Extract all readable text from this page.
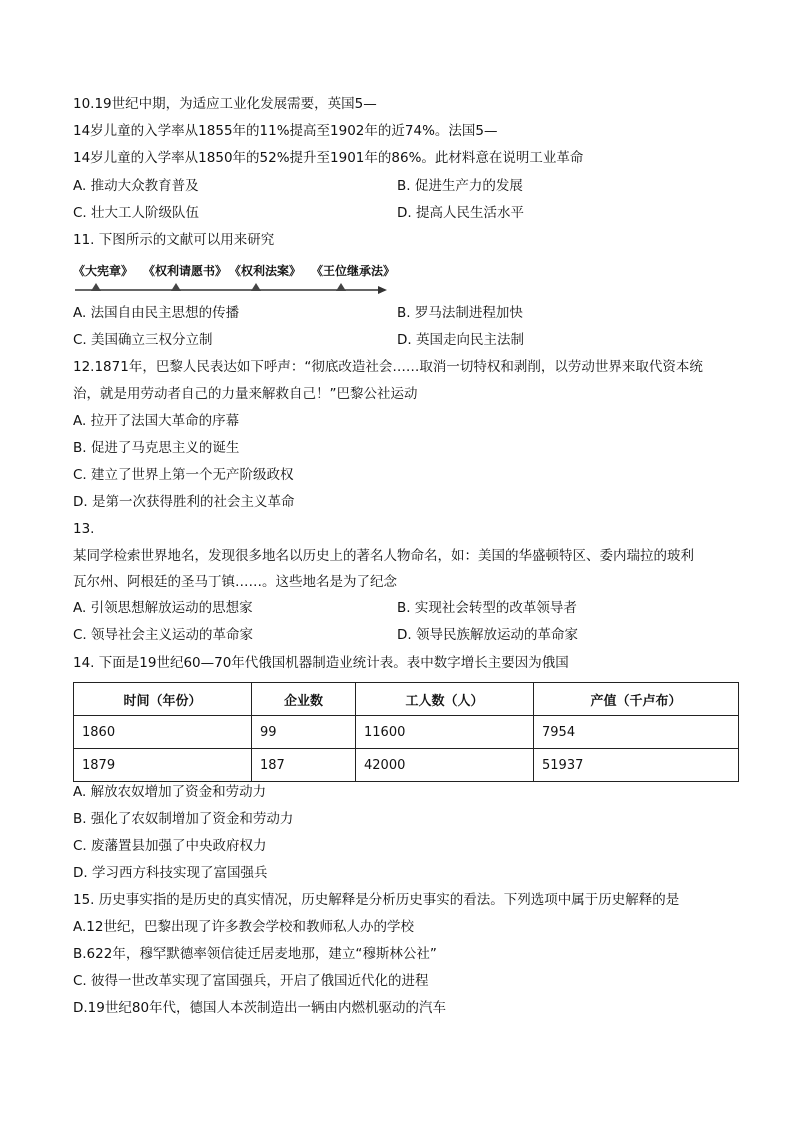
10.19世纪中期，为适应工业化发展需要，英国5—
14岁儿童的入学率从1855年的11%提高至1902年的近74%。法国5—
14岁儿童的入学率从1850年的52%提升至1901年的86%。此材料意在说明工业革命
A. 推动大众教育普及	B. 促进生产力的发展
C. 壮大工人阶级队伍	D. 提高人民生活水平
11. 下图所示的文献可以用来研究
《大宪章》 《权利请愿书》 《权利法案》 《王位继承法》
A. 法国自由民主思想的传播	B. 罗马法制进程加快
C. 美国确立三权分立制	D. 英国走向民主法制
12.1871年，巴黎人民表达如下呼声：“彻底改造社会……取消一切特权和剥削，以劳动世界来取代资本统
治，就是用劳动者自己的力量来解救自己！”巴黎公社运动
A. 拉开了法国大革命的序幕
B. 促进了马克思主义的诞生
C. 建立了世界上第一个无产阶级政权
D. 是第一次获得胜利的社会主义革命
13.
某同学检索世界地名，发现很多地名以历史上的著名人物命名，如：美国的华盛顿特区、委内瑞拉的玻利
瓦尔州、阿根廷的圣马丁镇……。这些地名是为了纪念
A. 引领思想解放运动的思想家	B. 实现社会转型的改革领导者
C. 领导社会主义运动的革命家	D. 领导民族解放运动的革命家
14. 下面是19世纪60—70年代俄国机器制造业统计表。表中数字增长主要因为俄国
时间（年份）	企业数	工人数（人）	产值（千卢布）
1860	99	11600	7954
1879	187	42000	51937
A. 解放农奴增加了资金和劳动力
B. 强化了农奴制增加了资金和劳动力
C. 废藩置县加强了中央政府权力
D. 学习西方科技实现了富国强兵
15. 历史事实指的是历史的真实情况，历史解释是分析历史事实的看法。下列选项中属于历史解释的是
A.12世纪，巴黎出现了许多教会学校和教师私人办的学校
B.622年，穆罕默德率领信徒迁居麦地那，建立“穆斯林公社”
C. 彼得一世改革实现了富国强兵，开启了俄国近代化的进程
D.19世纪80年代，德国人本茨制造出一辆由内燃机驱动的汽车
